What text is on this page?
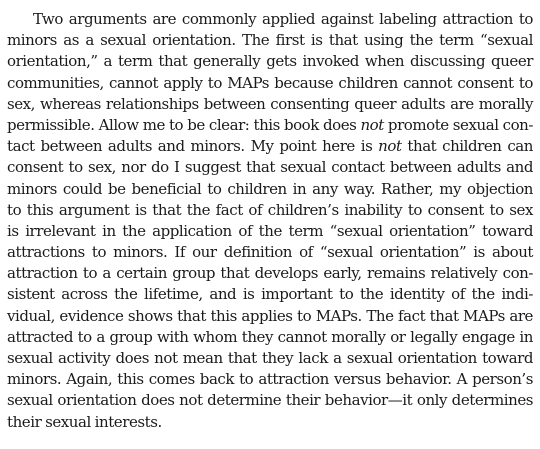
Two arguments are commonly applied against labeling attraction to
minors as a sexual orientation. The first is that using the term “sexual
orientation,” a term that generally gets invoked when discussing queer
communities, cannot apply to MAPs because children cannot consent to
sex, whereas relationships between consenting queer adults are morally
permissible. Allow me to be clear: this book does not promote sexual con-
tact between adults and minors. My point here is not that children can
consent to sex, nor do I suggest that sexual contact between adults and
minors could be beneficial to children in any way. Rather, my objection
to this argument is that the fact of children’s inability to consent to sex
is irrelevant in the application of the term “sexual orientation” toward
attractions to minors. If our definition of “sexual orientation” is about
attraction to a certain group that develops early, remains relatively con-
sistent across the lifetime, and is important to the identity of the indi-
vidual, evidence shows that this applies to MAPs. The fact that MAPs are
attracted to a group with whom they cannot morally or legally engage in
sexual activity does not mean that they lack a sexual orientation toward
minors. Again, this comes back to attraction versus behavior. A person’s
sexual orientation does not determine their behavior—it only determines
their sexual interests.
